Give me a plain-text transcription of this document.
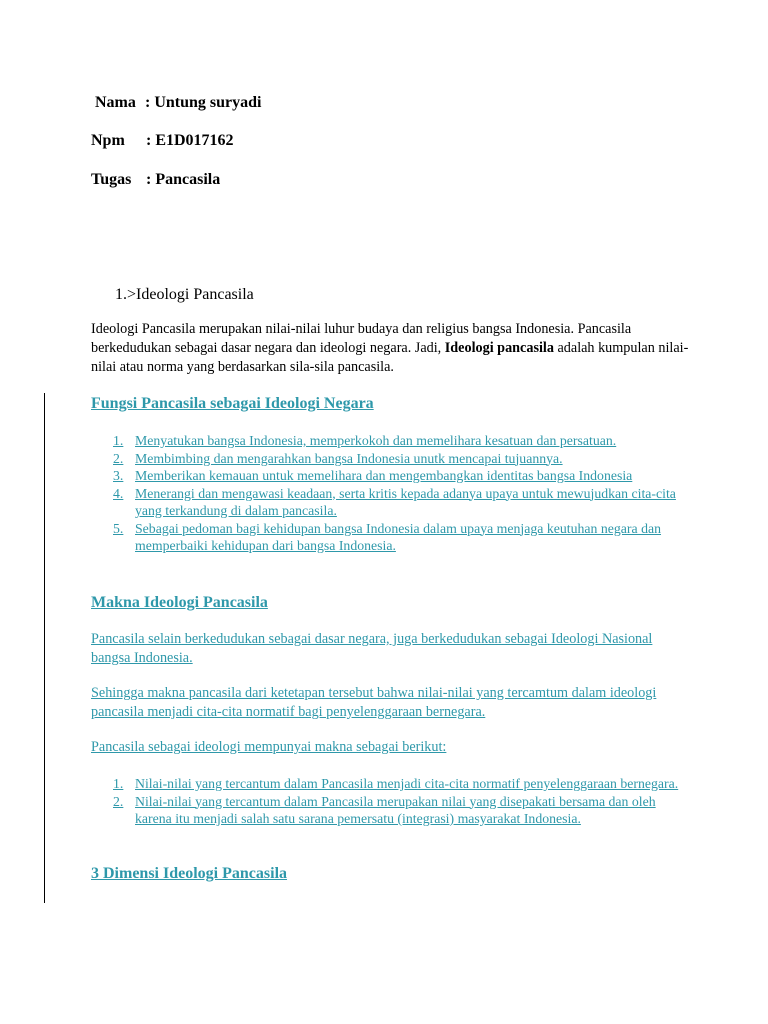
Nama : Untung suryadi
Npm : E1D017162
Tugas : Pancasila
1.>Ideologi Pancasila
Ideologi Pancasila merupakan nilai-nilai luhur budaya dan religius bangsa Indonesia. Pancasila berkedudukan sebagai dasar negara dan ideologi negara. Jadi, Ideologi pancasila adalah kumpulan nilai-nilai atau norma yang berdasarkan sila-sila pancasila.
Fungsi Pancasila sebagai Ideologi Negara
1. Menyatukan bangsa Indonesia, memperkokoh dan memelihara kesatuan dan persatuan.
2. Membimbing dan mengarahkan bangsa Indonesia unutk mencapai tujuannya.
3. Memberikan kemauan untuk memelihara dan mengembangkan identitas bangsa Indonesia
4. Menerangi dan mengawasi keadaan, serta kritis kepada adanya upaya untuk mewujudkan cita-cita yang terkandung di dalam pancasila.
5. Sebagai pedoman bagi kehidupan bangsa Indonesia dalam upaya menjaga keutuhan negara dan memperbaiki kehidupan dari bangsa Indonesia.
Makna Ideologi Pancasila
Pancasila selain berkedudukan sebagai dasar negara, juga berkedudukan sebagai Ideologi Nasional bangsa Indonesia.
Sehingga makna pancasila dari ketetapan tersebut bahwa nilai-nilai yang tercamtum dalam ideologi pancasila menjadi cita-cita normatif bagi penyelenggaraan bernegara.
Pancasila sebagai ideologi mempunyai makna sebagai berikut:
1. Nilai-nilai yang tercantum dalam Pancasila menjadi cita-cita normatif penyelenggaraan bernegara.
2. Nilai-nilai yang tercantum dalam Pancasila merupakan nilai yang disepakati bersama dan oleh karena itu menjadi salah satu sarana pemersatu (integrasi) masyarakat Indonesia.
3 Dimensi Ideologi Pancasila
